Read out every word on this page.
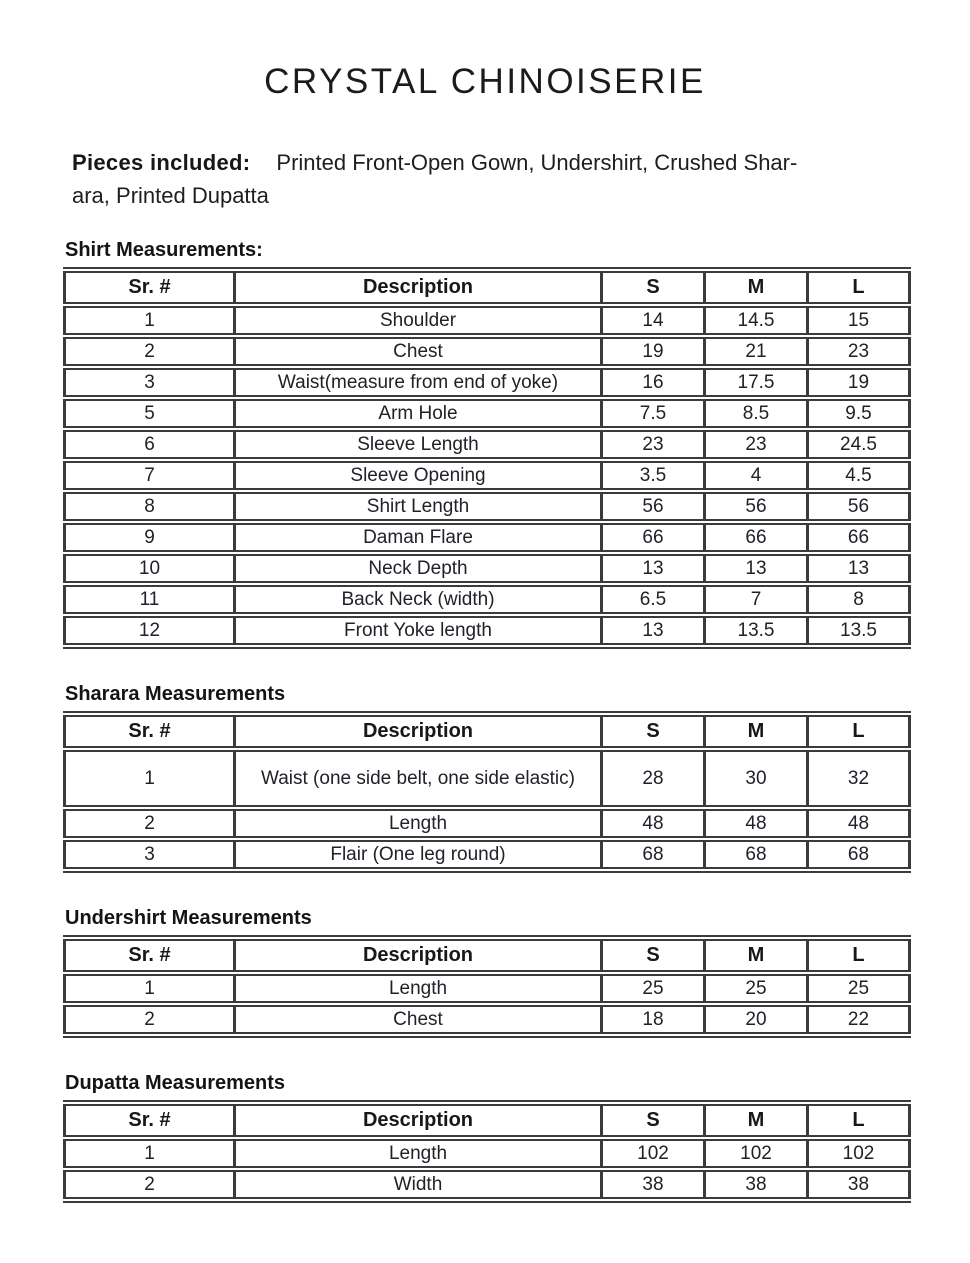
CRYSTAL CHINOISERIE

Pieces included: Printed Front-Open Gown, Undershirt, Crushed Shar-
ara, Printed Dupatta

Shirt Measurements:
Sr. #	Description	S	M	L
1	Shoulder	14	14.5	15
2	Chest	19	21	23
3	Waist(measure from end of yoke)	16	17.5	19
5	Arm Hole	7.5	8.5	9.5
6	Sleeve Length	23	23	24.5
7	Sleeve Opening	3.5	4	4.5
8	Shirt Length	56	56	56
9	Daman Flare	66	66	66
10	Neck Depth	13	13	13
11	Back Neck (width)	6.5	7	8
12	Front Yoke length	13	13.5	13.5
Sharara Measurements
Sr. #	Description	S	M	L
1	Waist (one side belt, one side elastic)	28	30	32
2	Length	48	48	48
3	Flair (One leg round)	68	68	68
Undershirt Measurements
Sr. #	Description	S	M	L
1	Length	25	25	25
2	Chest	18	20	22
Dupatta Measurements
Sr. #	Description	S	M	L
1	Length	102	102	102
2	Width	38	38	38
